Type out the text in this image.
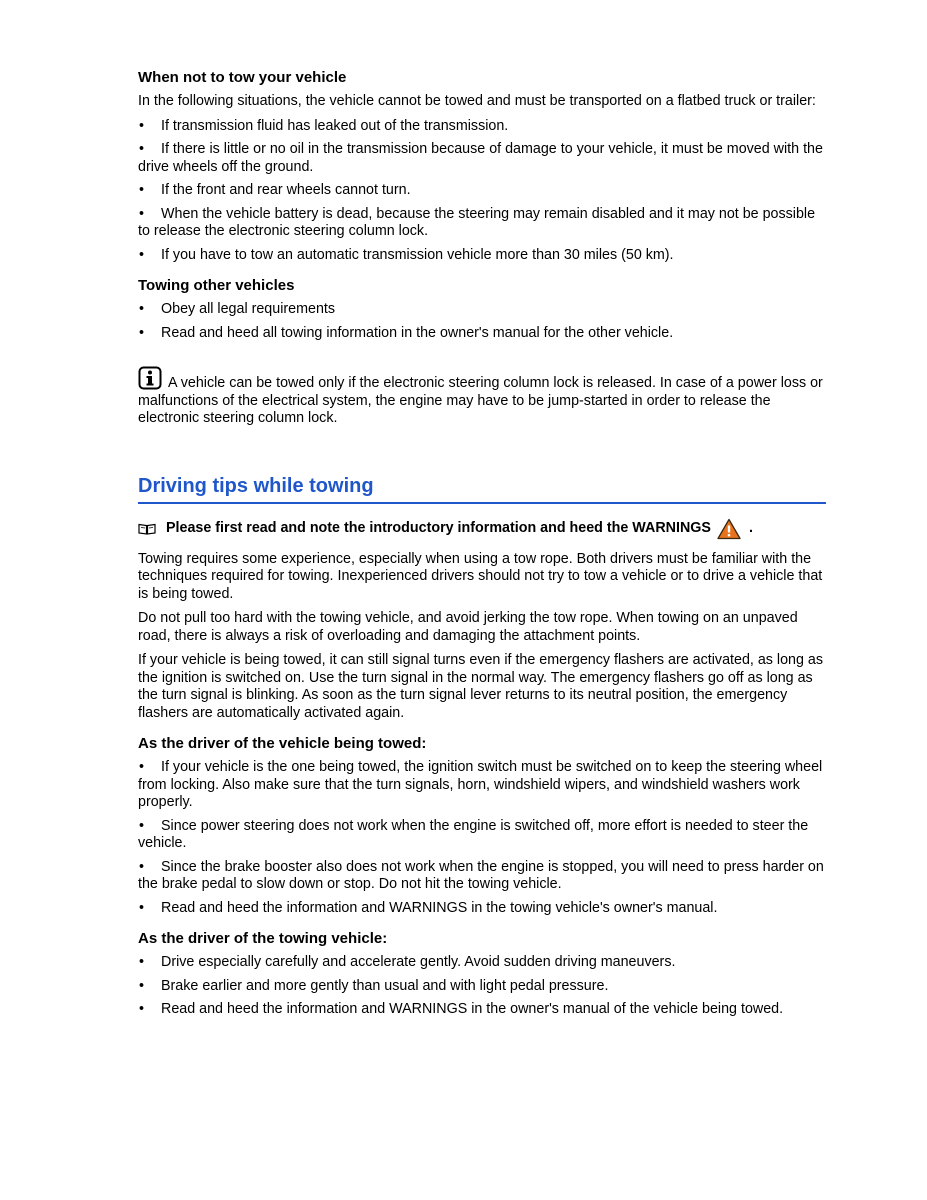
When not to tow your vehicle

In the following situations, the vehicle cannot be towed and must be transported on a flatbed truck or trailer:

• If transmission fluid has leaked out of the transmission.
• If there is little or no oil in the transmission because of damage to your vehicle, it must be moved with the drive wheels off the ground.
• If the front and rear wheels cannot turn.
• When the vehicle battery is dead, because the steering may remain disabled and it may not be possible to release the electronic steering column lock.
• If you have to tow an automatic transmission vehicle more than 30 miles (50 km).
Towing other vehicles
• Obey all legal requirements
• Read and heed all towing information in the owner's manual for the other vehicle.

A vehicle can be towed only if the electronic steering column lock is released. In case of a power loss or malfunctions of the electrical system, the engine may have to be jump-started in order to release the electronic steering column lock.

Driving tips while towing
Please first read and note the introductory information and heed the WARNINGS	.

Towing requires some experience, especially when using a tow rope. Both drivers must be familiar with the techniques required for towing. Inexperienced drivers should not try to tow a vehicle or to drive a vehicle that is being towed.

Do not pull too hard with the towing vehicle, and avoid jerking the tow rope. When towing on an unpaved road, there is always a risk of overloading and damaging the attachment points.

If your vehicle is being towed, it can still signal turns even if the emergency flashers are activated, as long as the ignition is switched on. Use the turn signal in the normal way. The emergency flashers go off as long as the turn signal is blinking. As soon as the turn signal lever returns to its neutral position, the emergency flashers are automatically activated again.

As the driver of the vehicle being towed:
• If your vehicle is the one being towed, the ignition switch must be switched on to keep the steering wheel from locking. Also make sure that the turn signals, horn, windshield wipers, and windshield washers work properly.
• Since power steering does not work when the engine is switched off, more effort is needed to steer the vehicle.
• Since the brake booster also does not work when the engine is stopped, you will need to press harder on the brake pedal to slow down or stop. Do not hit the towing vehicle.
• Read and heed the information and WARNINGS in the towing vehicle's owner's manual.
As the driver of the towing vehicle:
• Drive especially carefully and accelerate gently. Avoid sudden driving maneuvers.
• Brake earlier and more gently than usual and with light pedal pressure.
• Read and heed the information and WARNINGS in the owner's manual of the vehicle being towed.
